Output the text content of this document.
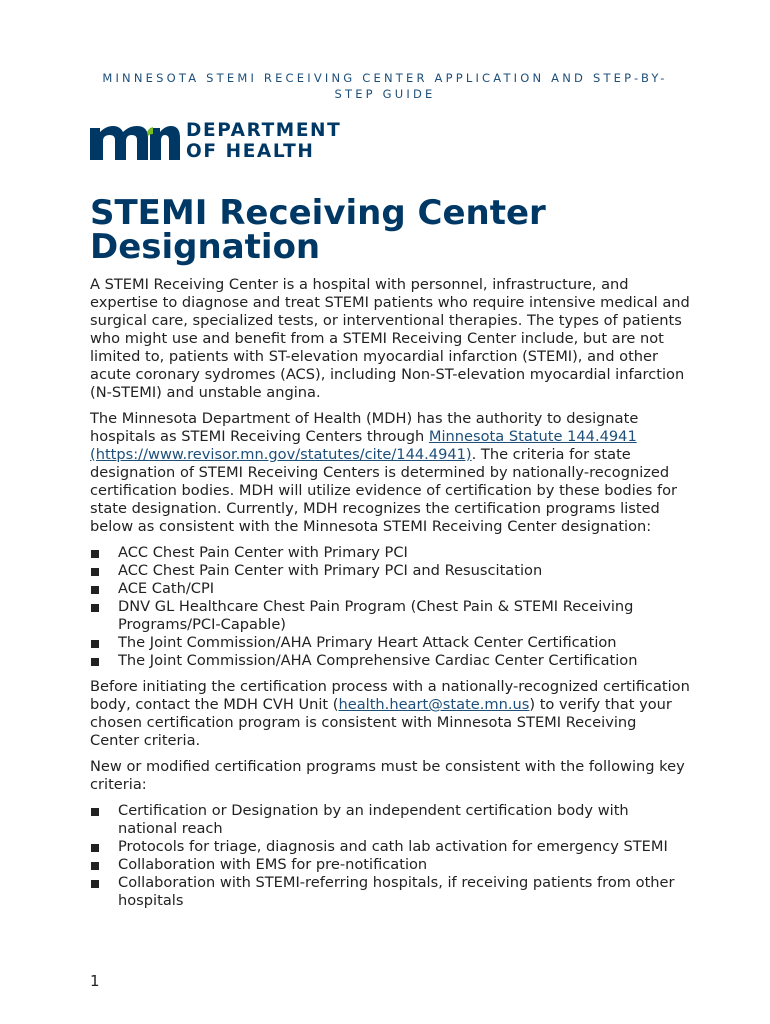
MINNESOTA STEMI RECEIVING CENTER APPLICATION AND STEP-BY-STEP GUIDE
DEPARTMENT
OF HEALTH
STEMI Receiving Center Designation

A STEMI Receiving Center is a hospital with personnel, infrastructure, and expertise to diagnose and treat STEMI patients who require intensive medical and surgical care, specialized tests, or interventional therapies. The types of patients who might use and benefit from a STEMI Receiving Center include, but are not limited to, patients with ST-elevation myocardial infarction (STEMI), and other acute coronary sydromes (ACS), including Non-ST-elevation myocardial infarction (N-STEMI) and unstable angina.

The Minnesota Department of Health (MDH) has the authority to designate hospitals as STEMI Receiving Centers through Minnesota Statute 144.4941 (https://www.revisor.mn.gov/statutes/cite/144.4941). The criteria for state designation of STEMI Receiving Centers is determined by nationally-recognized certification bodies. MDH will utilize evidence of certification by these bodies for state designation. Currently, MDH recognizes the certification programs listed below as consistent with the Minnesota STEMI Receiving Center designation:

ACC Chest Pain Center with Primary PCI
ACC Chest Pain Center with Primary PCI and Resuscitation
ACE Cath/CPI
DNV GL Healthcare Chest Pain Program (Chest Pain & STEMI Receiving Programs/PCI-Capable)
The Joint Commission/AHA Primary Heart Attack Center Certification
The Joint Commission/AHA Comprehensive Cardiac Center Certification

Before initiating the certification process with a nationally-recognized certification body, contact the MDH CVH Unit (health.heart@state.mn.us) to verify that your chosen certification program is consistent with Minnesota STEMI Receiving Center criteria.

New or modified certification programs must be consistent with the following key criteria:

Certification or Designation by an independent certification body with national reach
Protocols for triage, diagnosis and cath lab activation for emergency STEMI
Collaboration with EMS for pre-notification
Collaboration with STEMI-referring hospitals, if receiving patients from other hospitals
1
